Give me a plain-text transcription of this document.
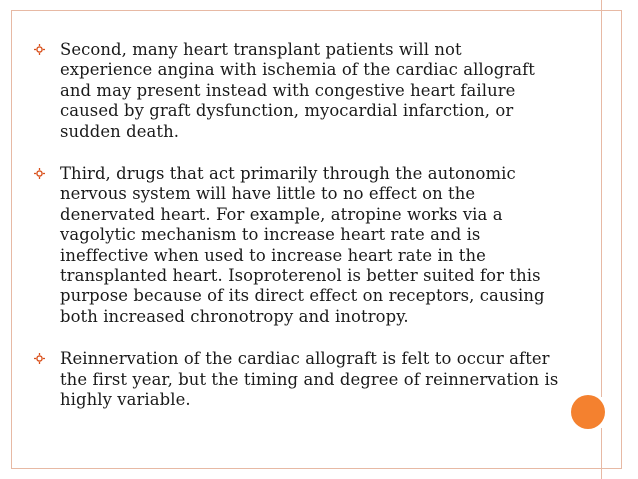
Second, many heart transplant patients will not
experience angina with ischemia of the cardiac allograft
and may present instead with congestive heart failure
caused by graft dysfunction, myocardial infarction, or
sudden death.
Third, drugs that act primarily through the autonomic
nervous system will have little to no effect on the
denervated heart. For example, atropine works via a
vagolytic mechanism to increase heart rate and is
ineffective when used to increase heart rate in the
transplanted heart. Isoproterenol is better suited for this
purpose because of its direct effect on receptors, causing
both increased chronotropy and inotropy.
Reinnervation of the cardiac allograft is felt to occur after
the first year, but the timing and degree of reinnervation is
highly variable.
